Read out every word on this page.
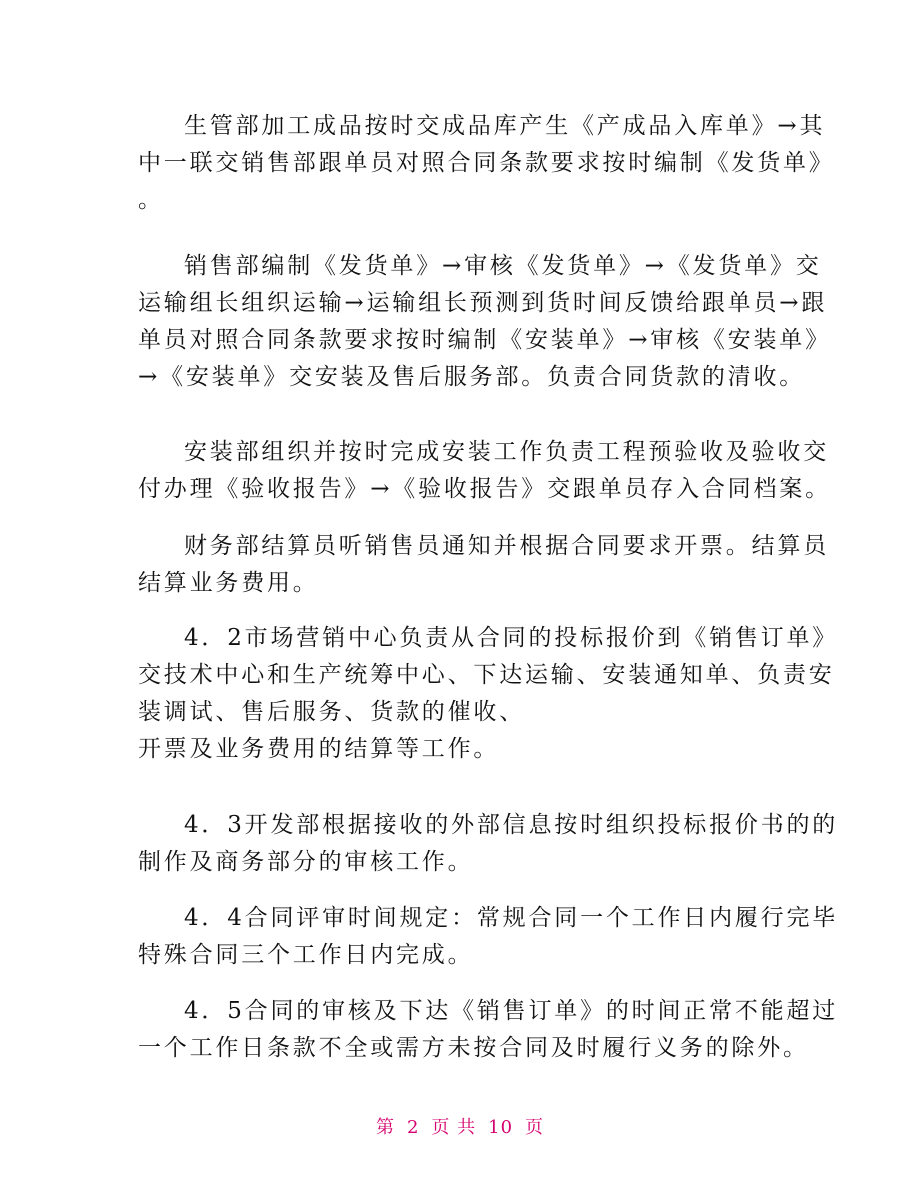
生管部加工成品按时交成品库产生《产成品入库单》→其
中一联交销售部跟单员对照合同条款要求按时编制《发货单》
。
销售部编制《发货单》→审核《发货单》→《发货单》交
运输组长组织运输→运输组长预测到货时间反馈给跟单员→跟
单员对照合同条款要求按时编制《安装单》→审核《安装单》
→《安装单》交安装及售后服务部。负责合同货款的清收。
安装部组织并按时完成安装工作负责工程预验收及验收交
付办理《验收报告》→《验收报告》交跟单员存入合同档案。
财务部结算员听销售员通知并根据合同要求开票。结算员
结算业务费用。
4．2市场营销中心负责从合同的投标报价到《销售订单》
交技术中心和生产统筹中心、下达运输、安装通知单、负责安
装调试、售后服务、货款的催收、
开票及业务费用的结算等工作。
4．3开发部根据接收的外部信息按时组织投标报价书的的
制作及商务部分的审核工作。
4．4合同评审时间规定：常规合同一个工作日内履行完毕
特殊合同三个工作日内完成。
4．5合同的审核及下达《销售订单》的时间正常不能超过
一个工作日条款不全或需方未按合同及时履行义务的除外。
第 2 页 共 10 页
